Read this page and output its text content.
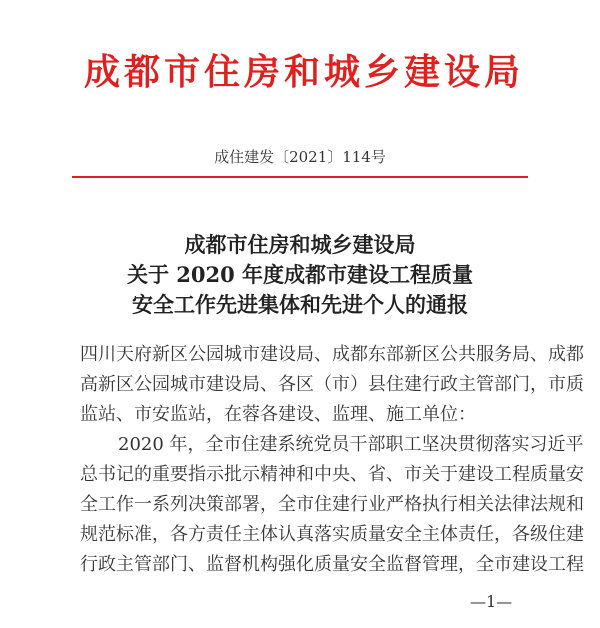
成都市住房和城乡建设局
成住建发〔2021〕114号
成都市住房和城乡建设局
关于 2020 年度成都市建设工程质量
安全工作先进集体和先进个人的通报
四川天府新区公园城市建设局、成都东部新区公共服务局、成都
高新区公园城市建设局、各区（市）县住建行政主管部门，市质
监站、市安监站，在蓉各建设、监理、施工单位：
2020 年，全市住建系统党员干部职工坚决贯彻落实习近平
总书记的重要指示批示精神和中央、省、市关于建设工程质量安
全工作一系列决策部署，全市住建行业严格执行相关法律法规和
规范标准，各方责任主体认真落实质量安全主体责任，各级住建
行政主管部门、监督机构强化质量安全监督管理，全市建设工程
—1—
